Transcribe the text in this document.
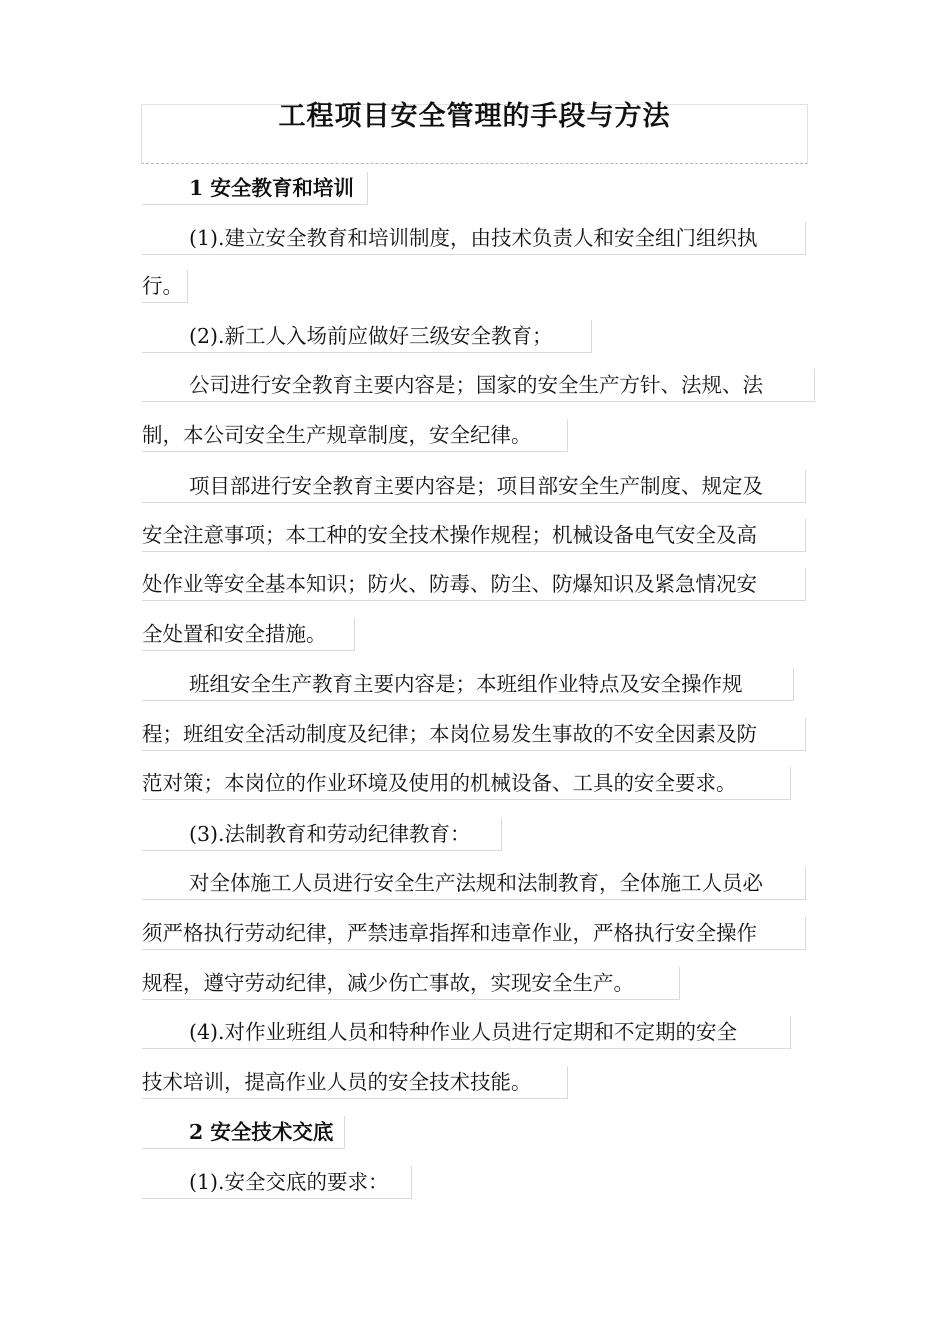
工程项目安全管理的手段与方法
1 安全教育和培训
(1).建立安全教育和培训制度，由技术负责人和安全组门组织执
行。
(2).新工人入场前应做好三级安全教育；
公司进行安全教育主要内容是；国家的安全生产方针、法规、法
制，本公司安全生产规章制度，安全纪律。
项目部进行安全教育主要内容是；项目部安全生产制度、规定及
安全注意事项；本工种的安全技术操作规程；机械设备电气安全及高
处作业等安全基本知识；防火、防毒、防尘、防爆知识及紧急情况安
全处置和安全措施。
班组安全生产教育主要内容是；本班组作业特点及安全操作规
程；班组安全活动制度及纪律；本岗位易发生事故的不安全因素及防
范对策；本岗位的作业环境及使用的机械设备、工具的安全要求。
(3).法制教育和劳动纪律教育：
对全体施工人员进行安全生产法规和法制教育，全体施工人员必
须严格执行劳动纪律，严禁违章指挥和违章作业，严格执行安全操作
规程，遵守劳动纪律，减少伤亡事故，实现安全生产。
(4).对作业班组人员和特种作业人员进行定期和不定期的安全
技术培训，提高作业人员的安全技术技能。
2 安全技术交底
(1).安全交底的要求：
